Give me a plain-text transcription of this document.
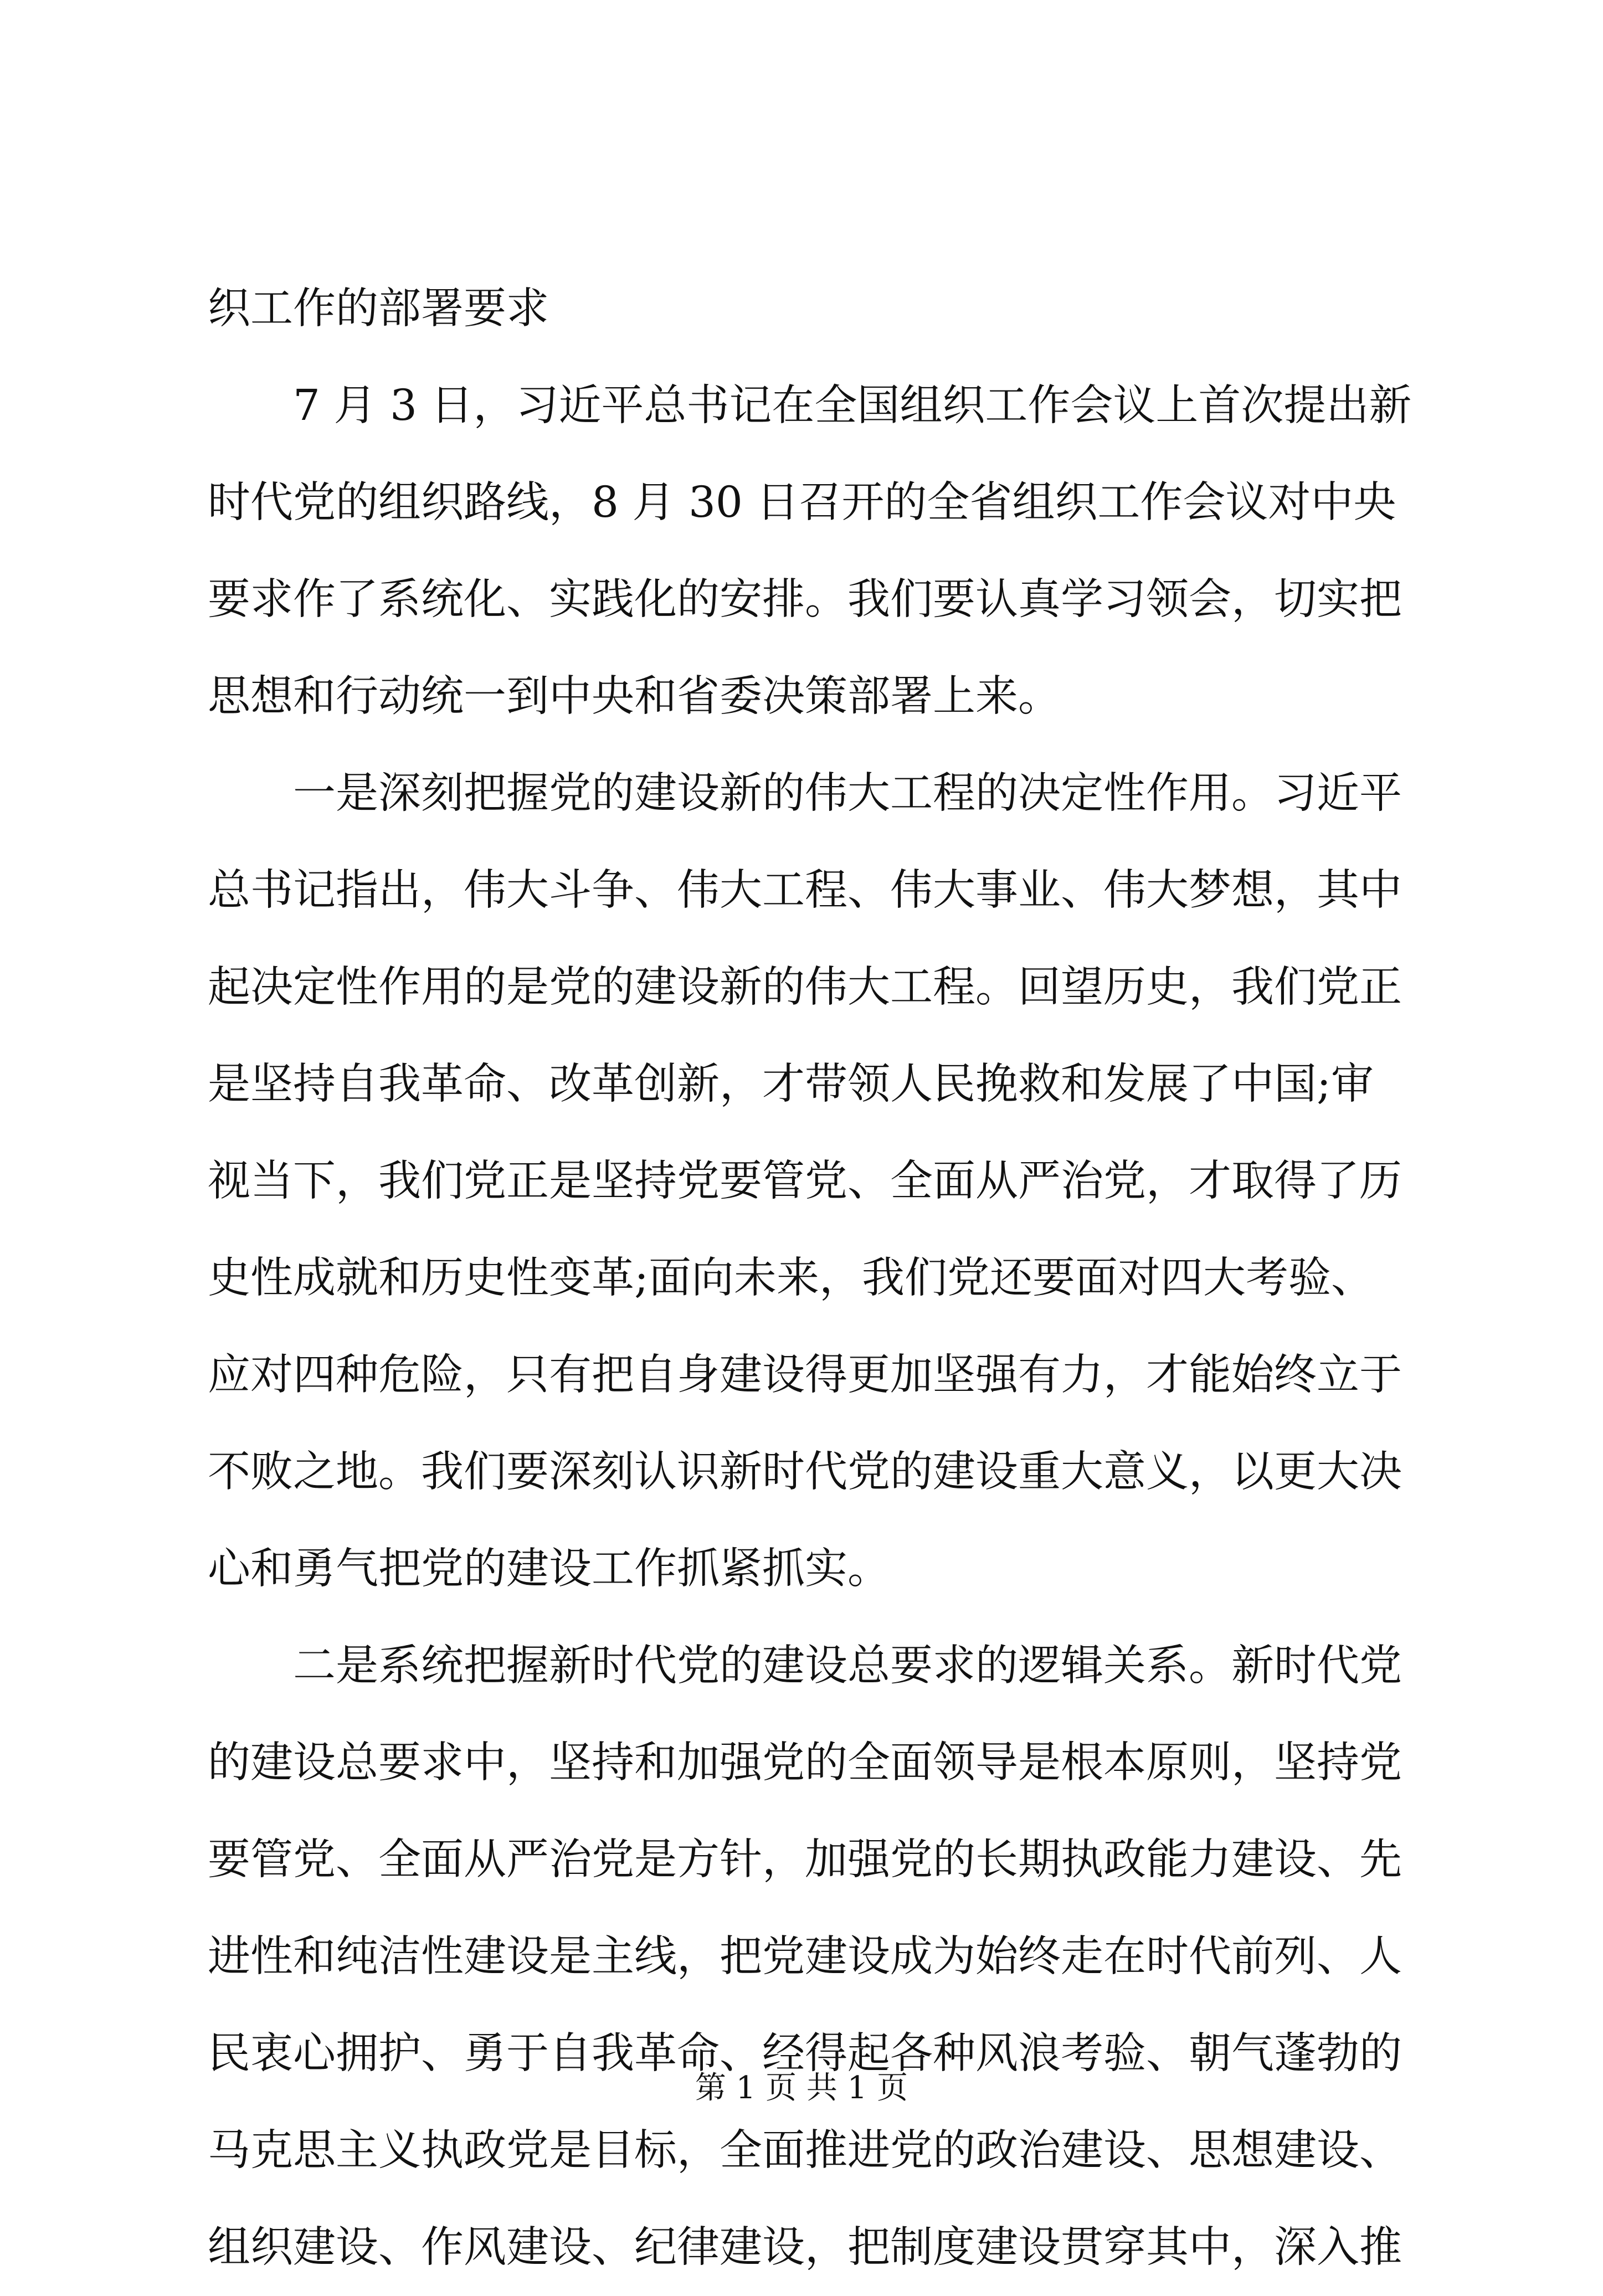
织工作的部署要求
7 月 3 日，习近平总书记在全国组织工作会议上首次提出新
时代党的组织路线，8 月 30 日召开的全省组织工作会议对中央
要求作了系统化、实践化的安排。我们要认真学习领会，切实把
思想和行动统一到中央和省委决策部署上来。
一是深刻把握党的建设新的伟大工程的决定性作用。习近平
总书记指出，伟大斗争、伟大工程、伟大事业、伟大梦想，其中
起决定性作用的是党的建设新的伟大工程。回望历史，我们党正
是坚持自我革命、改革创新，才带领人民挽救和发展了中国;审
视当下，我们党正是坚持党要管党、全面从严治党，才取得了历
史性成就和历史性变革;面向未来，我们党还要面对四大考验、
应对四种危险，只有把自身建设得更加坚强有力，才能始终立于
不败之地。我们要深刻认识新时代党的建设重大意义，以更大决
心和勇气把党的建设工作抓紧抓实。
二是系统把握新时代党的建设总要求的逻辑关系。新时代党
的建设总要求中，坚持和加强党的全面领导是根本原则，坚持党
要管党、全面从严治党是方针，加强党的长期执政能力建设、先
进性和纯洁性建设是主线，把党建设成为始终走在时代前列、人
民衷心拥护、勇于自我革命、经得起各种风浪考验、朝气蓬勃的
马克思主义执政党是目标，全面推进党的政治建设、思想建设、
组织建设、作风建设、纪律建设，把制度建设贯穿其中，深入推
第 1 页 共 1 页
